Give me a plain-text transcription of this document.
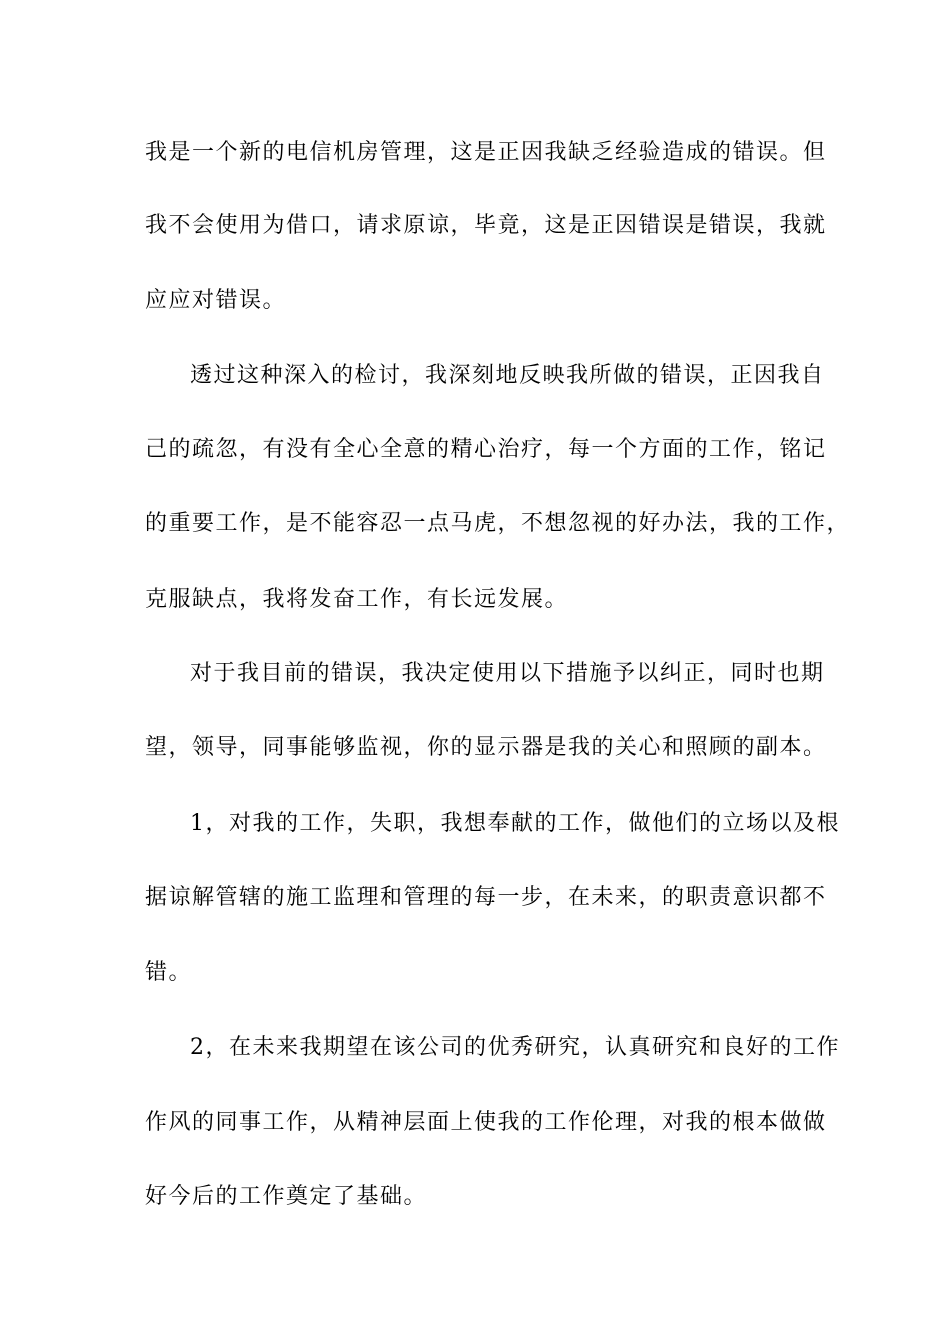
我是一个新的电信机房管理，这是正因我缺乏经验造成的错误。但
我不会使用为借口，请求原谅，毕竟，这是正因错误是错误，我就
应应对错误。
透过这种深入的检讨，我深刻地反映我所做的错误，正因我自
己的疏忽，有没有全心全意的精心治疗，每一个方面的工作，铭记
的重要工作，是不能容忍一点马虎，不想忽视的好办法，我的工作，
克服缺点，我将发奋工作，有长远发展。
对于我目前的错误，我决定使用以下措施予以纠正，同时也期
望，领导，同事能够监视，你的显示器是我的关心和照顾的副本。
1，对我的工作，失职，我想奉献的工作，做他们的立场以及根
据谅解管辖的施工监理和管理的每一步，在未来，的职责意识都不
错。
2，在未来我期望在该公司的优秀研究，认真研究和良好的工作
作风的同事工作，从精神层面上使我的工作伦理，对我的根本做做
好今后的工作奠定了基础。
